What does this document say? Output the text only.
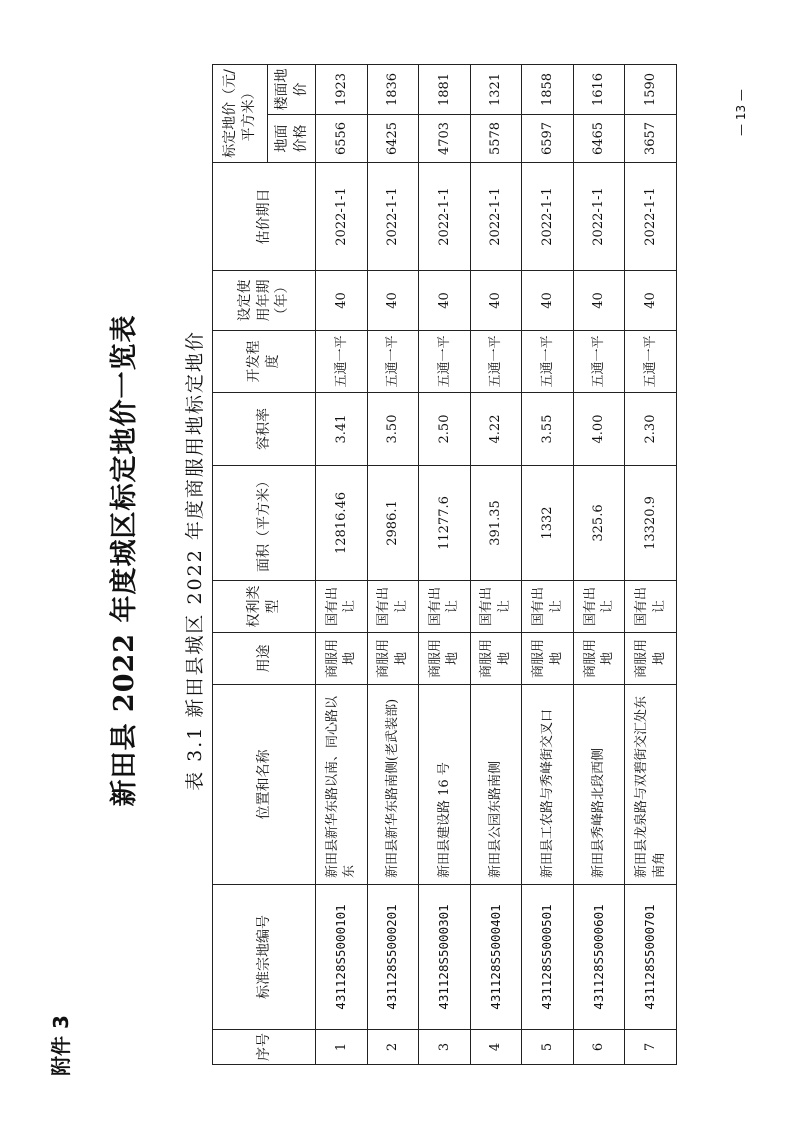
附件 3
新田县 2022 年度城区标定地价一览表 表 3.1 新田县城区 2022 年度商服用地标定地价
序号	标准宗地编号	位置和名称	用途	权利类型	面积（平方米）	容积率	开发程度	设定使用年期（年）	估价期日	标定地价（元/平方米）	
										地面价格	楼面地价
1	431128S5000101	新田县新华东路以南、同心路以东	商服用地	国有出让	12816.46	3.41	五通一平	40	2022-1-1	6556	1923
2	431128S5000201	新田县新华东路南侧(老武装部)	商服用地	国有出让	2986.1	3.50	五通一平	40	2022-1-1	6425	1836
3	431128S5000301	新田县建设路 16 号	商服用地	国有出让	11277.6	2.50	五通一平	40	2022-1-1	4703	1881
4	431128S5000401	新田县公园东路南侧	商服用地	国有出让	391.35	4.22	五通一平	40	2022-1-1	5578	1321
5	431128S5000501	新田县工农路与秀峰街交叉口	商服用地	国有出让	1332	3.55	五通一平	40	2022-1-1	6597	1858
6	431128S5000601	新田县秀峰路北段西侧	商服用地	国有出让	325.6	4.00	五通一平	40	2022-1-1	6465	1616
7	431128S5000701	新田县龙泉路与双碧街交汇处东南角	商服用地	国有出让	13320.9	2.30	五通一平	40	2022-1-1	3657	1590	— 13 —
